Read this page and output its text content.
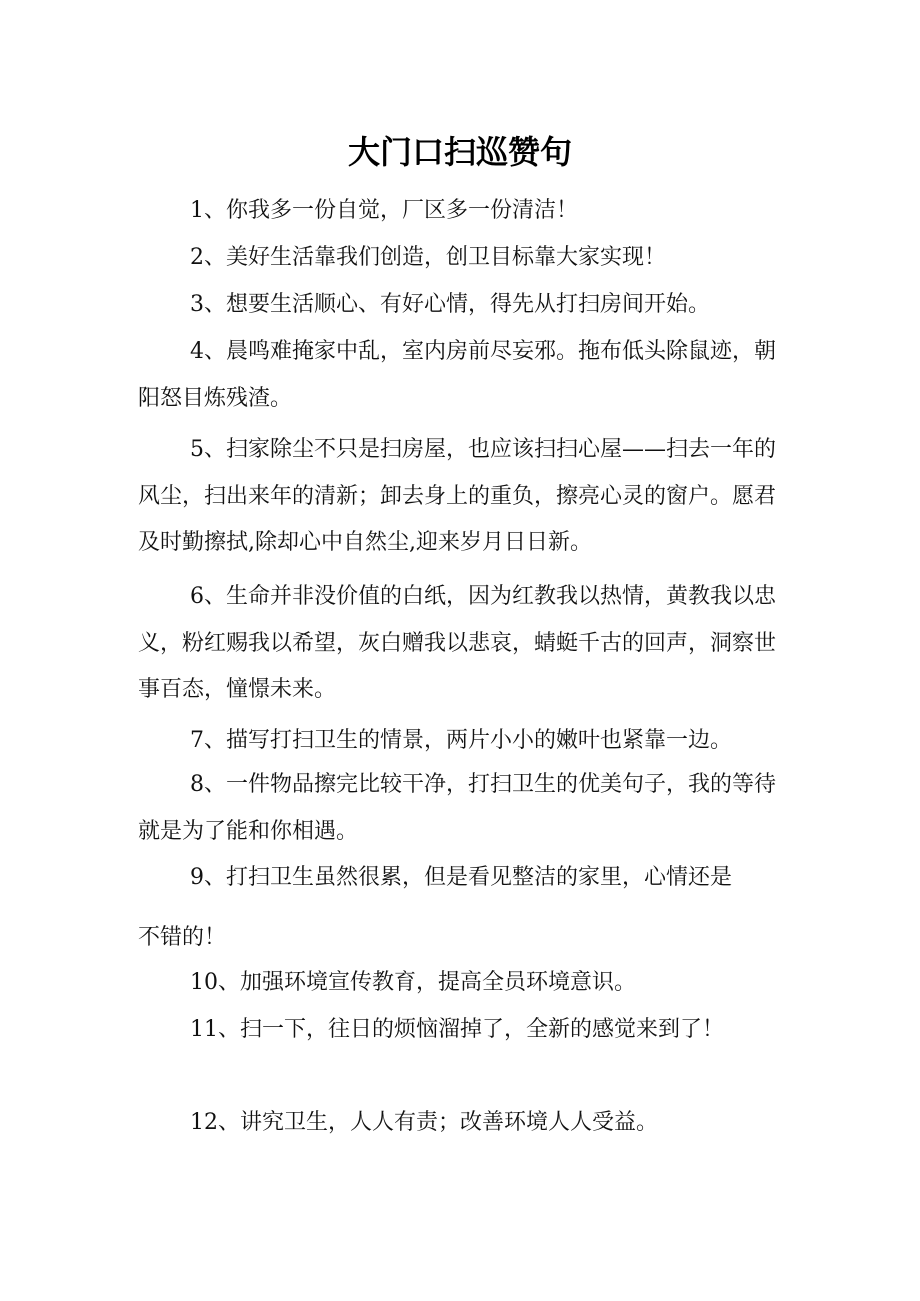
大门口扫巡赞句

1、你我多一份自觉，厂区多一份清洁！

2、美好生活靠我们创造，创卫目标靠大家实现！

3、想要生活顺心、有好心情，得先从打扫房间开始。

4、晨鸣难掩家中乱，室内房前尽妄邪。拖布低头除鼠迹，朝阳怒目炼残渣。

5、扫家除尘不只是扫房屋，也应该扫扫心屋——扫去一年的风尘，扫出来年的清新；卸去身上的重负，擦亮心灵的窗户。愿君及时勤擦拭,除却心中自然尘,迎来岁月日日新。

6、生命并非没价值的白纸，因为红教我以热情，黄教我以忠义，粉红赐我以希望，灰白赠我以悲哀，蜻蜓千古的回声，洞察世事百态，憧憬未来。

7、描写打扫卫生的情景，两片小小的嫩叶也紧靠一边。

8、一件物品擦完比较干净，打扫卫生的优美句子，我的等待就是为了能和你相遇。

9、打扫卫生虽然很累，但是看见整洁的家里，心情还是不错的！

10、加强环境宣传教育，提高全员环境意识。

11、扫一下，往日的烦恼溜掉了，全新的感觉来到了！

12、讲究卫生，人人有责；改善环境人人受益。
